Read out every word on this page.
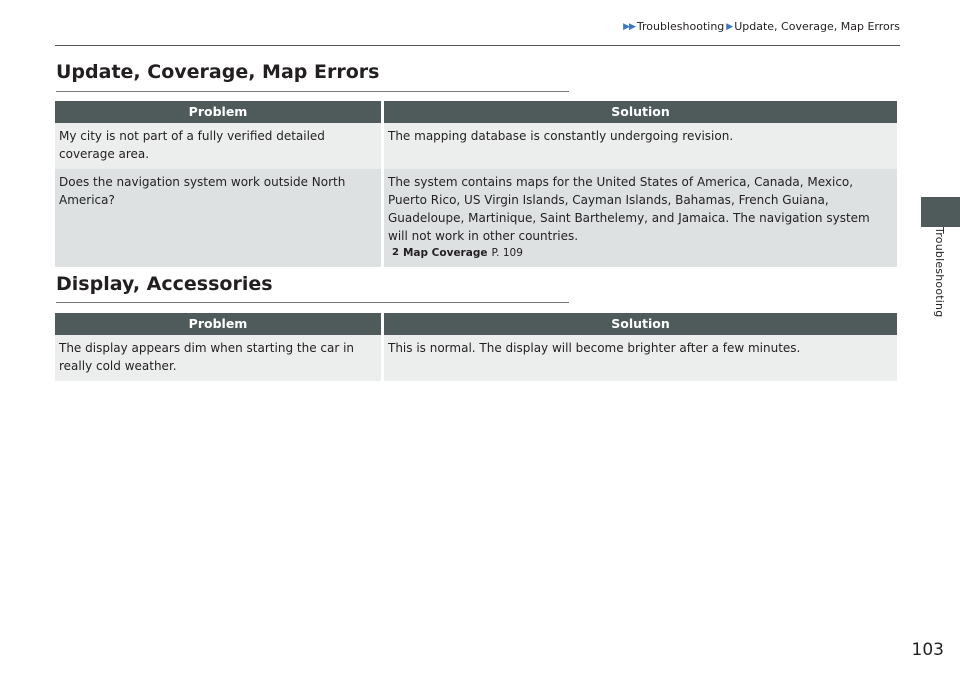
▶▶ Troubleshooting ▶ Update, Coverage, Map Errors
Update, Coverage, Map Errors
Problem	Solution
My city is not part of a fully verified detailed coverage area.	The mapping database is constantly undergoing revision.
Does the navigation system work outside North America?	The system contains maps for the United States of America, Canada, Mexico, Puerto Rico, US Virgin Islands, Cayman Islands, Bahamas, French Guiana, Guadeloupe, Martinique, Saint Barthelemy, and Jamaica. The navigation system will not work in other countries.
2 Map Coverage P. 109
Display, Accessories
Problem	Solution
The display appears dim when starting the car in really cold weather.	This is normal. The display will become brighter after a few minutes.
Troubleshooting
103
